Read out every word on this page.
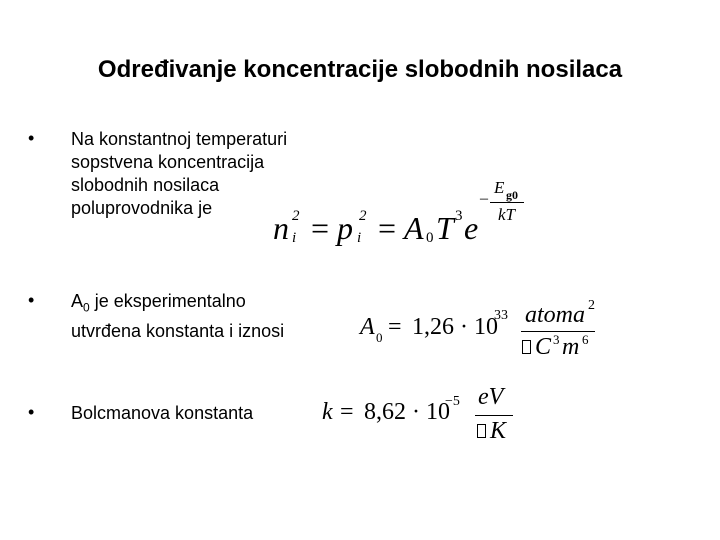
Određivanje koncentracije slobodnih nosilaca
• Na konstantnoj temperaturi
sopstvena koncentracija
slobodnih nosilaca
poluprovodnika je
n 2
i = p 2
i = A 0 T 3 e
–
E g0
kT
• $A_0$ je eksperimentalno
utvrđena konstanta i iznosi	A 0 = 1,26 · 10
33 atoma 2
C 3 m 6
• Bolcmanova konstanta	k = 8,62 · 10
−5 eV
K
